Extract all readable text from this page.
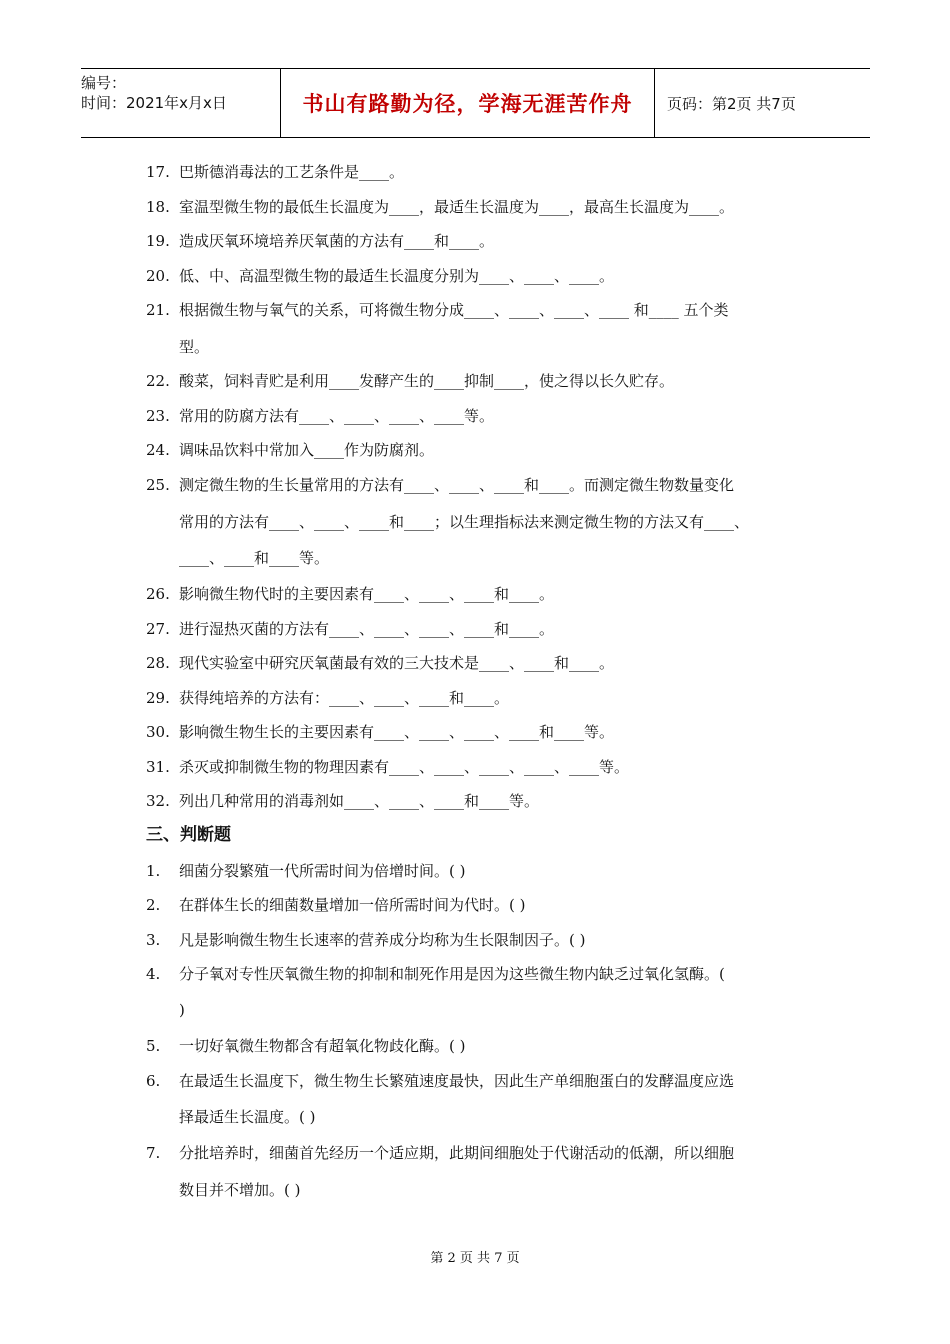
编号：
时间：2021年x月x日	书山有路勤为径，学海无涯苦作舟	页码：第2页 共7页
17. 巴斯德消毒法的工艺条件是____。
18. 室温型微生物的最低生长温度为____，最适生长温度为____，最高生长温度为____。
19. 造成厌氧环境培养厌氧菌的方法有____和____。
20. 低、中、高温型微生物的最适生长温度分别为____、____、____。
21. 根据微生物与氧气的关系，可将微生物分成____、____、____、____ 和____ 五个类
型。
22. 酸菜，饲料青贮是利用____发酵产生的____抑制____，使之得以长久贮存。
23. 常用的防腐方法有____、____、____、____等。
24. 调味品饮料中常加入____作为防腐剂。
25. 测定微生物的生长量常用的方法有____、____、____和____。而测定微生物数量变化
常用的方法有____、____、____和____；以生理指标法来测定微生物的方法又有____、
____、____和____等。
26. 影响微生物代时的主要因素有____、____、____和____。
27. 进行湿热灭菌的方法有____、____、____、____和____。
28. 现代实验室中研究厌氧菌最有效的三大技术是____、____和____。
29. 获得纯培养的方法有：____、____、____和____。
30. 影响微生物生长的主要因素有____、____、____、____和____等。
31. 杀灭或抑制微生物的物理因素有____、____、____、____、____等。
32. 列出几种常用的消毒剂如____、____、____和____等。
三、判断题
1. 细菌分裂繁殖一代所需时间为倍增时间。( )
2. 在群体生长的细菌数量增加一倍所需时间为代时。( )
3. 凡是影响微生物生长速率的营养成分均称为生长限制因子。( )
4. 分子氧对专性厌氧微生物的抑制和制死作用是因为这些微生物内缺乏过氧化氢酶。(
)
5. 一切好氧微生物都含有超氧化物歧化酶。( )
6. 在最适生长温度下，微生物生长繁殖速度最快，因此生产单细胞蛋白的发酵温度应选
择最适生长温度。( )
7. 分批培养时，细菌首先经历一个适应期，此期间细胞处于代谢活动的低潮，所以细胞
数目并不增加。( )
第 2 页 共 7 页
